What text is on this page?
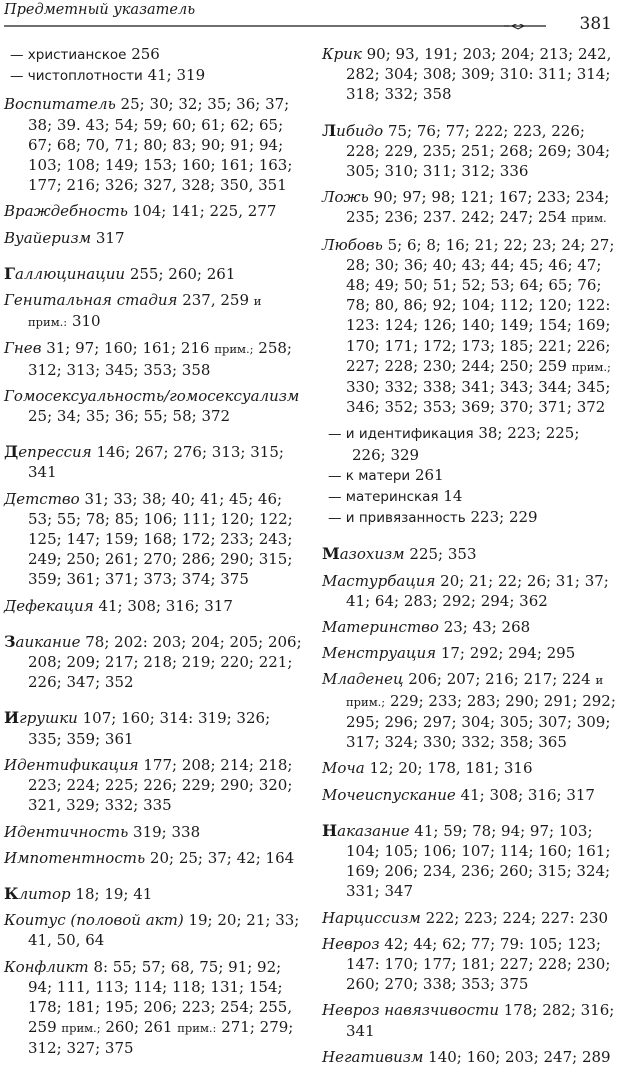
Предметный указатель
381
— христианское 256
— чистоплотности 41; 319
Воспитатель 25; 30; 32; 35; 36; 37; 38; 39. 43; 54; 59; 60; 61; 62; 65; 67; 68; 70, 71; 80; 83; 90; 91; 94; 103; 108; 149; 153; 160; 161; 163; 177; 216; 326; 327, 328; 350, 351
Враждебность 104; 141; 225, 277
Вуайеризм 317
Галлюцинации 255; 260; 261
Генитальная стадия 237, 259 и прим.: 310
Гнев 31; 97; 160; 161; 216 прим.; 258; 312; 313; 345; 353; 358
Гомосексуальность/гомосексуализм 25; 34; 35; 36; 55; 58; 372
Депрессия 146; 267; 276; 313; 315; 341
Детство 31; 33; 38; 40; 41; 45; 46; 53; 55; 78; 85; 106; 111; 120; 122; 125; 147; 159; 168; 172; 233; 243; 249; 250; 261; 270; 286; 290; 315; 359; 361; 371; 373; 374; 375
Дефекация 41; 308; 316; 317
Заикание 78; 202: 203; 204; 205; 206; 208; 209; 217; 218; 219; 220; 221; 226; 347; 352
Игрушки 107; 160; 314: 319; 326; 335; 359; 361
Идентификация 177; 208; 214; 218; 223; 224; 225; 226; 229; 290; 320; 321, 329; 332; 335
Идентичность 319; 338
Импотентность 20; 25; 37; 42; 164
Клитор 18; 19; 41
Коитус (половой акт) 19; 20; 21; 33; 41, 50, 64
Конфликт 8: 55; 57; 68, 75; 91; 92; 94; 111, 113; 114; 118; 131; 154; 178; 181; 195; 206; 223; 254; 255, 259 прим.; 260; 261 прим.: 271; 279; 312; 327; 375
Крик 90; 93, 191; 203; 204; 213; 242, 282; 304; 308; 309; 310: 311; 314; 318; 332; 358
Либидо 75; 76; 77; 222; 223, 226; 228; 229, 235; 251; 268; 269; 304; 305; 310; 311; 312; 336
Ложь 90; 97; 98; 121; 167; 233; 234; 235; 236; 237. 242; 247; 254 прим.
Любовь 5; 6; 8; 16; 21; 22; 23; 24; 27; 28; 30; 36; 40; 43; 44; 45; 46; 47; 48; 49; 50; 51; 52; 53; 64; 65; 76; 78; 80, 86; 92; 104; 112; 120; 122: 123: 124; 126; 140; 149; 154; 169; 170; 171; 172; 173; 185; 221; 226; 227; 228; 230; 244; 250; 259 прим.; 330; 332; 338; 341; 343; 344; 345; 346; 352; 353; 369; 370; 371; 372
— и идентификация 38; 223; 225; 226; 329
— к матери 261
— материнская 14
— и привязанность 223; 229
Мазохизм 225; 353
Мастурбация 20; 21; 22; 26; 31; 37; 41; 64; 283; 292; 294; 362
Материнство 23; 43; 268
Менструация 17; 292; 294; 295
Младенец 206; 207; 216; 217; 224 и прим.; 229; 233; 283; 290; 291; 292; 295; 296; 297; 304; 305; 307; 309; 317; 324; 330; 332; 358; 365
Моча 12; 20; 178, 181; 316
Мочеиспускание 41; 308; 316; 317
Наказание 41; 59; 78; 94; 97; 103; 104; 105; 106; 107; 114; 160; 161; 169; 206; 234, 236; 260; 315; 324; 331; 347
Нарциссизм 222; 223; 224; 227: 230
Невроз 42; 44; 62; 77; 79: 105; 123; 147: 170; 177; 181; 227; 228; 230; 260; 270; 338; 353; 375
Невроз навязчивости 178; 282; 316; 341
Негативизм 140; 160; 203; 247; 289
